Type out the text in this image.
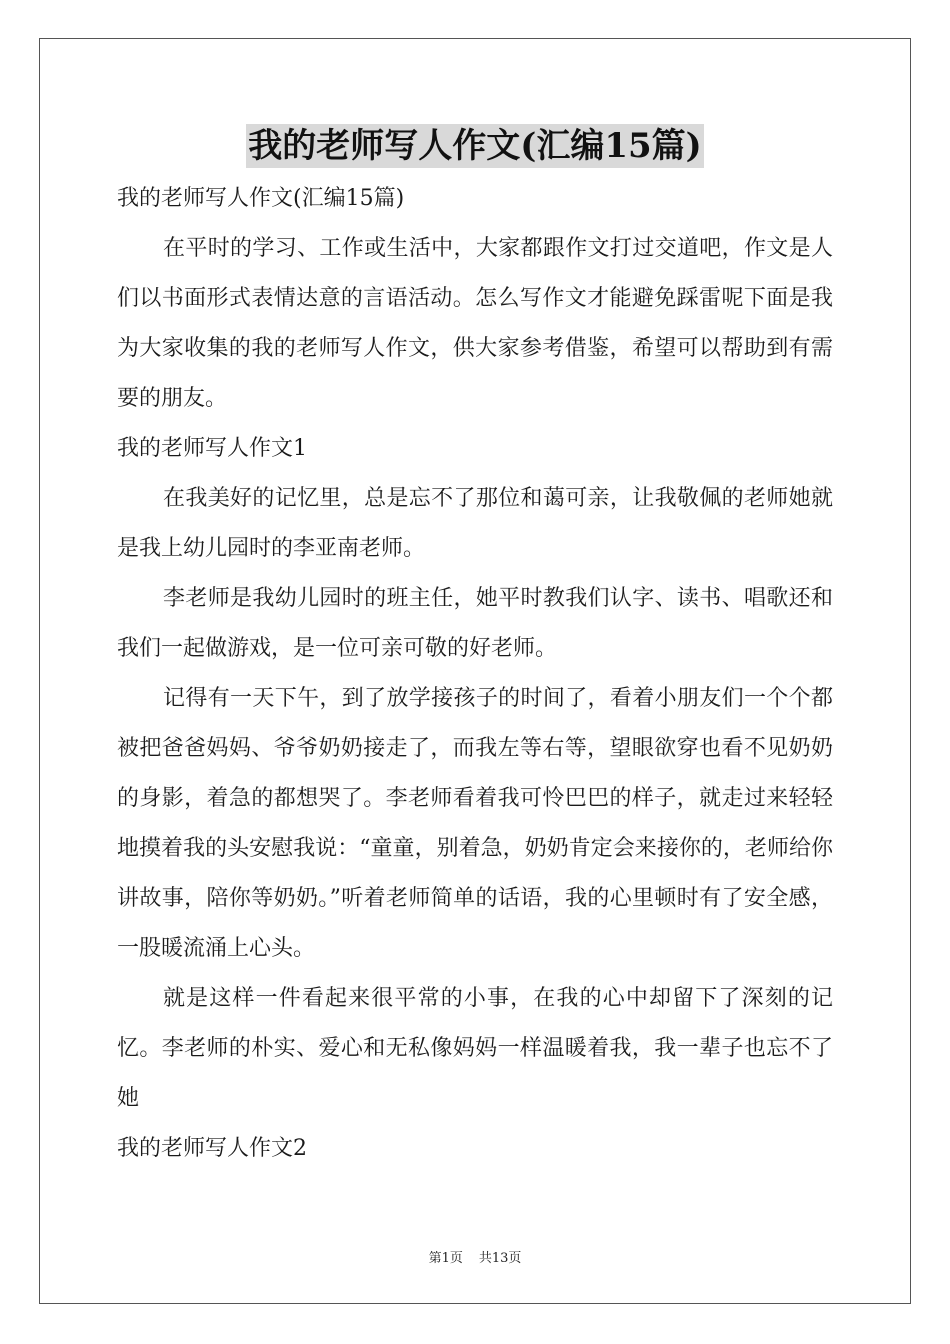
我的老师写人作文(汇编15篇)

我的老师写人作文(汇编15篇)

在平时的学习、工作或生活中，大家都跟作文打过交道吧，作文是人们以书面形式表情达意的言语活动。怎么写作文才能避免踩雷呢下面是我为大家收集的我的老师写人作文，供大家参考借鉴，希望可以帮助到有需要的朋友。

我的老师写人作文1

在我美好的记忆里，总是忘不了那位和蔼可亲，让我敬佩的老师她就是我上幼儿园时的李亚南老师。

李老师是我幼儿园时的班主任，她平时教我们认字、读书、唱歌还和我们一起做游戏，是一位可亲可敬的好老师。

记得有一天下午，到了放学接孩子的时间了，看着小朋友们一个个都被把爸爸妈妈、爷爷奶奶接走了，而我左等右等，望眼欲穿也看不见奶奶的身影，着急的都想哭了。李老师看着我可怜巴巴的样子，就走过来轻轻地摸着我的头安慰我说：“童童，别着急，奶奶肯定会来接你的，老师给你讲故事，陪你等奶奶。”听着老师简单的话语，我的心里顿时有了安全感，一股暖流涌上心头。

就是这样一件看起来很平常的小事，在我的心中却留下了深刻的记忆。李老师的朴实、爱心和无私像妈妈一样温暖着我，我一辈子也忘不了她

我的老师写人作文2

第1页 共13页
